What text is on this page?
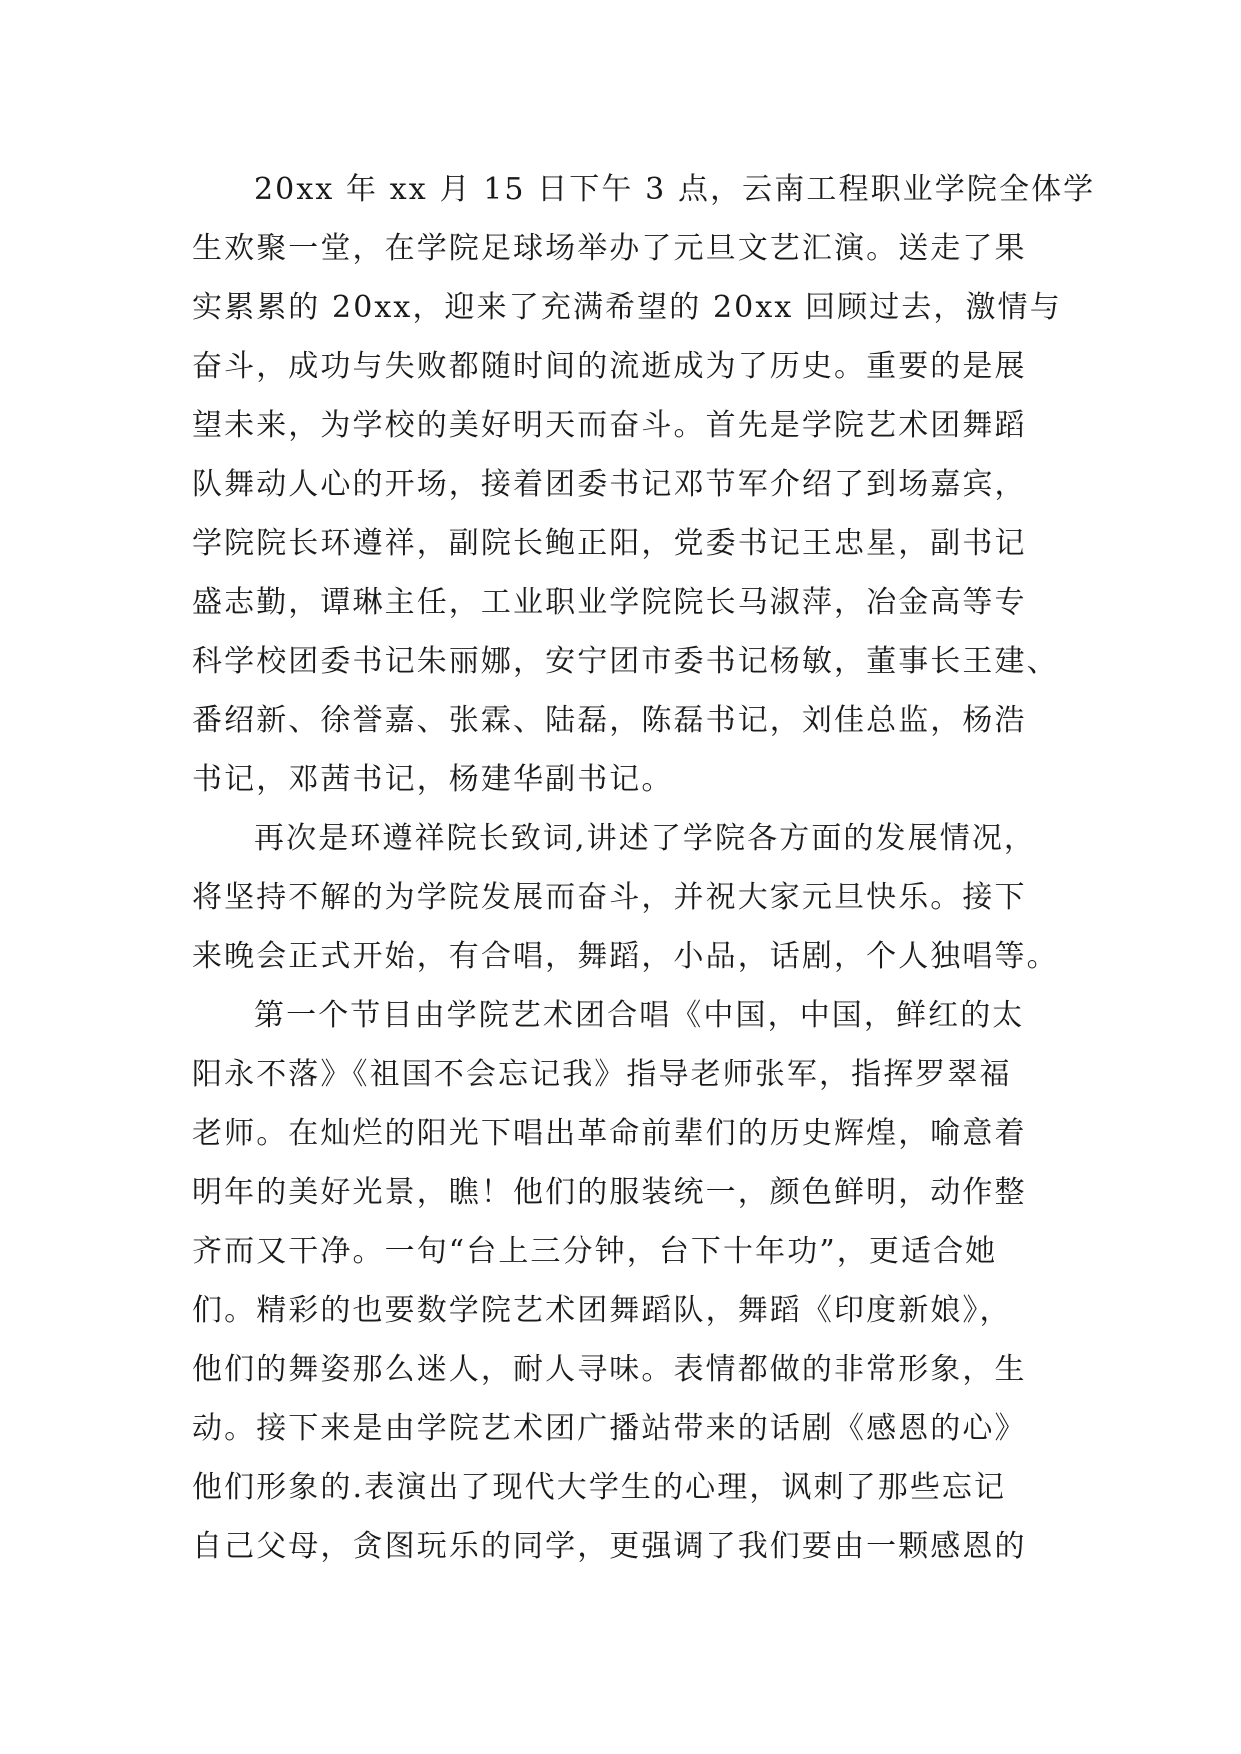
20xx 年 xx 月 15 日下午 3 点，云南工程职业学院全体学
生欢聚一堂，在学院足球场举办了元旦文艺汇演。送走了果
实累累的 20xx，迎来了充满希望的 20xx 回顾过去，激情与
奋斗，成功与失败都随时间的流逝成为了历史。重要的是展
望未来，为学校的美好明天而奋斗。首先是学院艺术团舞蹈
队舞动人心的开场，接着团委书记邓节军介绍了到场嘉宾，
学院院长环遵祥，副院长鲍正阳，党委书记王忠星，副书记
盛志勤，谭琳主任，工业职业学院院长马淑萍，冶金高等专
科学校团委书记朱丽娜，安宁团市委书记杨敏，董事长王建、
番绍新、徐誉嘉、张霖、陆磊，陈磊书记，刘佳总监，杨浩
书记，邓茜书记，杨建华副书记。
再次是环遵祥院长致词,讲述了学院各方面的发展情况，
将坚持不解的为学院发展而奋斗，并祝大家元旦快乐。接下
来晚会正式开始，有合唱，舞蹈，小品，话剧，个人独唱等。
第一个节目由学院艺术团合唱《中国，中国，鲜红的太
阳永不落》《祖国不会忘记我》指导老师张军，指挥罗翠福
老师。在灿烂的阳光下唱出革命前辈们的历史辉煌，喻意着
明年的美好光景，瞧！他们的服装统一，颜色鲜明，动作整
齐而又干净。一句“台上三分钟，台下十年功”，更适合她
们。精彩的也要数学院艺术团舞蹈队，舞蹈《印度新娘》，
他们的舞姿那么迷人，耐人寻味。表情都做的非常形象，生
动。接下来是由学院艺术团广播站带来的话剧《感恩的心》
他们形象的.表演出了现代大学生的心理，讽刺了那些忘记
自己父母，贪图玩乐的同学，更强调了我们要由一颗感恩的
